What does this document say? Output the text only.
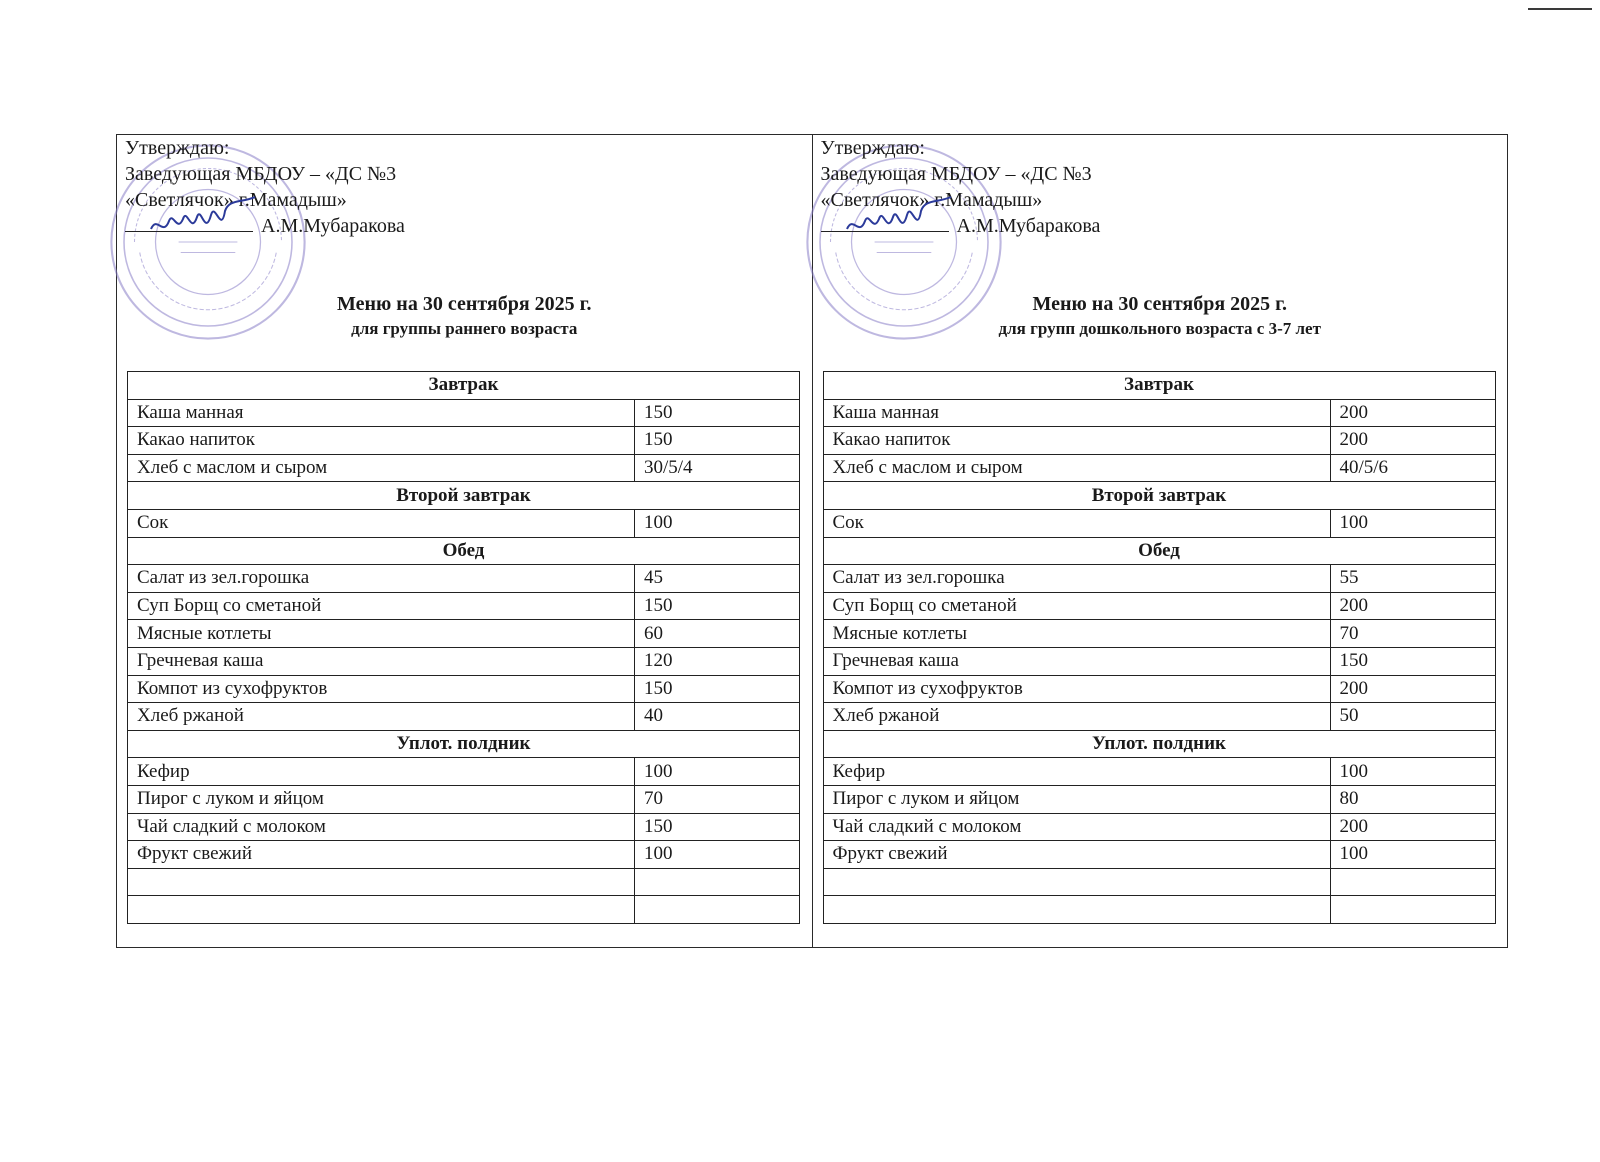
Утверждаю:
Заведующая МБДОУ – «ДС №3
«Светлячок» г.Мамадыш»
А.М.Мубаракова
Меню на 30 сентября 2025 г.
для группы раннего возраста
Завтрак	
Каша манная	150
Какао напиток	150
Хлеб с маслом и сыром	30/5/4
Второй завтрак	
Сок	100
Обед	
Салат из зел.горошка	45
Суп Борщ со сметаной	150
Мясные котлеты	60
Гречневая каша	120
Компот из сухофруктов	150
Хлеб ржаной	40
Уплот. полдник	
Кефир	100
Пирог с луком и яйцом	70
Чай сладкий с молоком	150
Фрукт свежий	100

Утверждаю:
Заведующая МБДОУ – «ДС №3
«Светлячок» г.Мамадыш»
А.М.Мубаракова
Меню на 30 сентября 2025 г.
для групп дошкольного возраста с 3-7 лет
Завтрак	
Каша манная	200
Какао напиток	200
Хлеб с маслом и сыром	40/5/6
Второй завтрак	
Сок	100
Обед	
Салат из зел.горошка	55
Суп Борщ со сметаной	200
Мясные котлеты	70
Гречневая каша	150
Компот из сухофруктов	200
Хлеб ржаной	50
Уплот. полдник	
Кефир	100
Пирог с луком и яйцом	80
Чай сладкий с молоком	200
Фрукт свежий	100
